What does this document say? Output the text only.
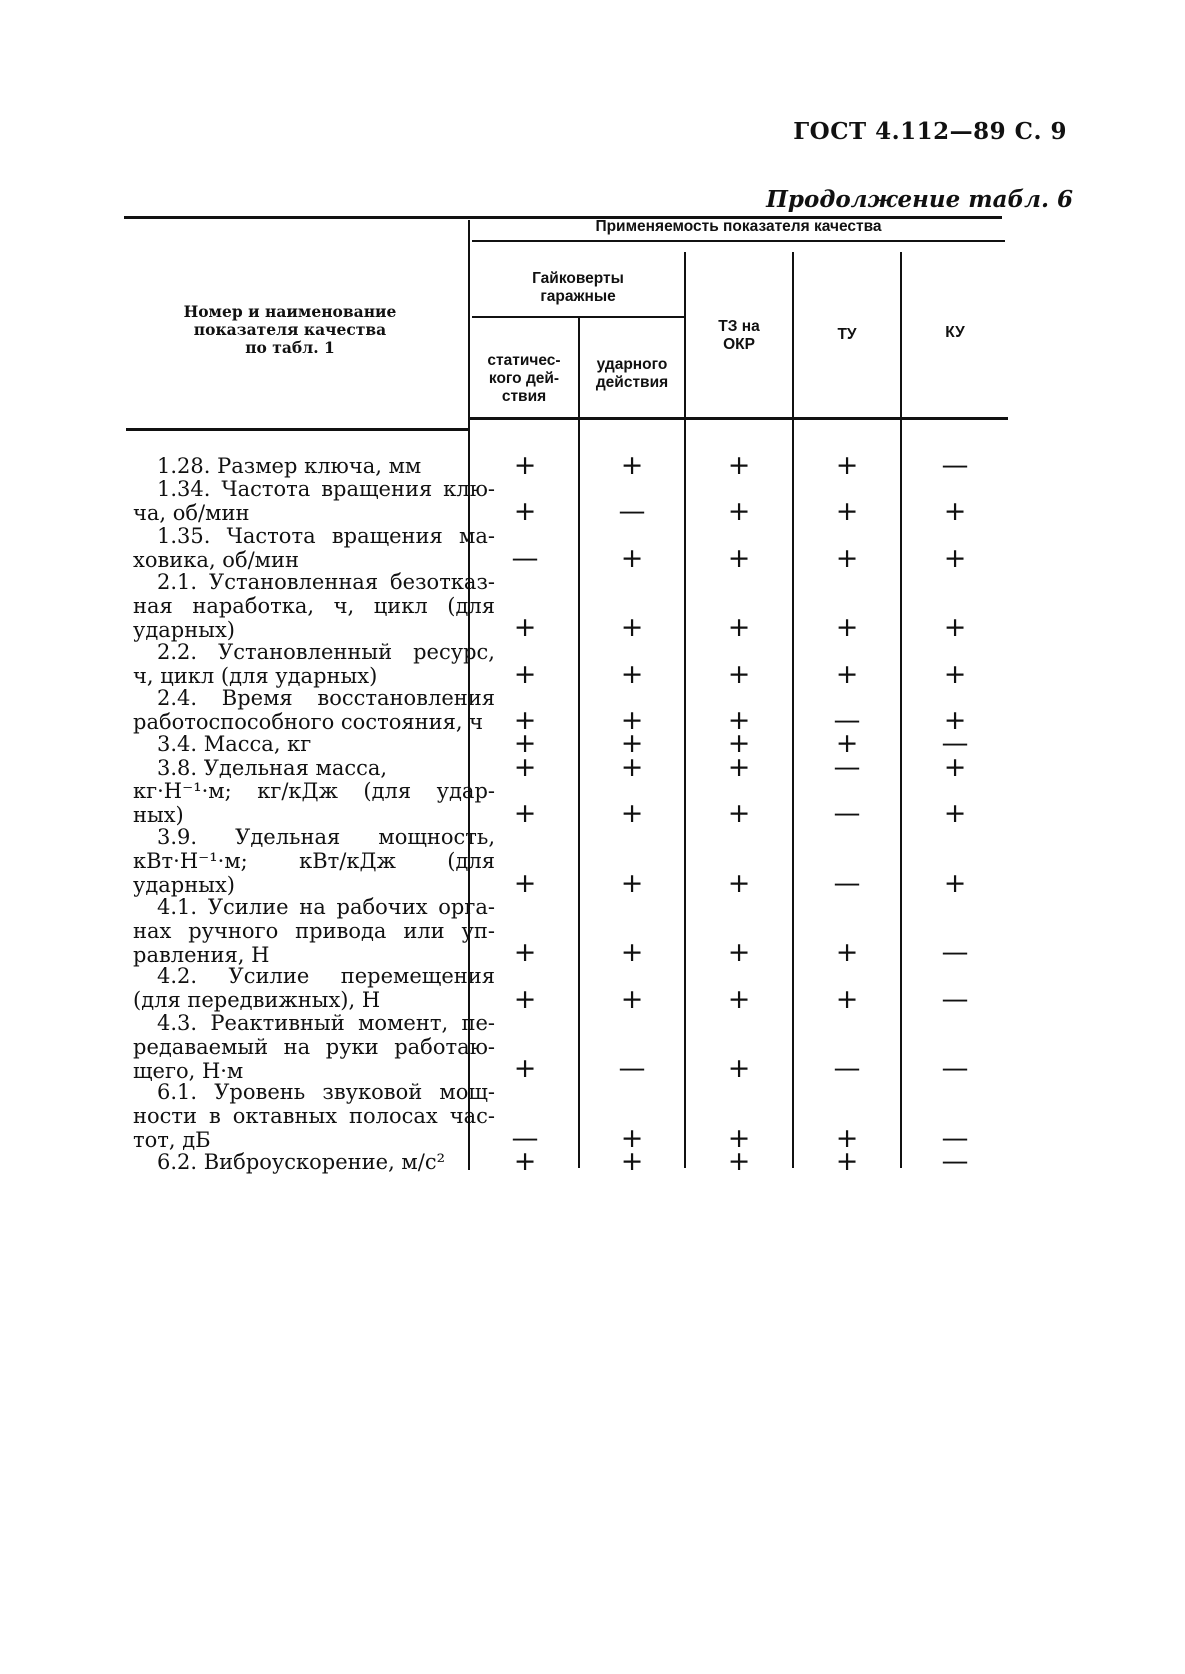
ГОСТ 4.112—89 С. 9
Продолжение табл. 6
Номер и наименование
показателя качества
по табл. 1
Применяемость показателя качества
Гайковерты
гаражные
статичес-
кого дей-
ствия
ударного
действия
ТЗ на
ОКР
ТУ	КУ
1.28. Размер ключа, мм	+	+	+	+	—
1.34. Частота вращения клю-
ча, об/мин	+	—	+	+	+
1.35. Частота вращения ма-
ховика, об/мин	—	+	+	+	+
2.1. Установленная безотказ-
ная наработка, ч, цикл (для
ударных)	+	+	+	+	+
2.2. Установленный ресурс,
ч, цикл (для ударных)	+	+	+	+	+
2.4. Время восстановления
работоспособного состояния, ч	+	+	+	—	+
3.4. Масса, кг	+	+	+	+	—
3.8. Удельная масса,	+	+	+	—	+
кг·Н⁻¹·м; кг/кДж (для удар-
ных)	+	+	+	—	+
3.9. Удельная мощность,
кВт·Н⁻¹·м; кВт/кДж (для
ударных)	+	+	+	—	+
4.1. Усилие на рабочих орга-
нах ручного привода или уп-
равления, Н	+	+	+	+	—
4.2. Усилие перемещения
(для передвижных), Н	+	+	+	+	—
4.3. Реактивный момент, пе-
редаваемый на руки работаю-
щего, Н·м	+	—	+	—	—
6.1. Уровень звуковой мощ-
ности в октавных полосах час-
тот, дБ	—	+	+	+	—
6.2. Виброускорение, м/с²	+	+	+	+	—
